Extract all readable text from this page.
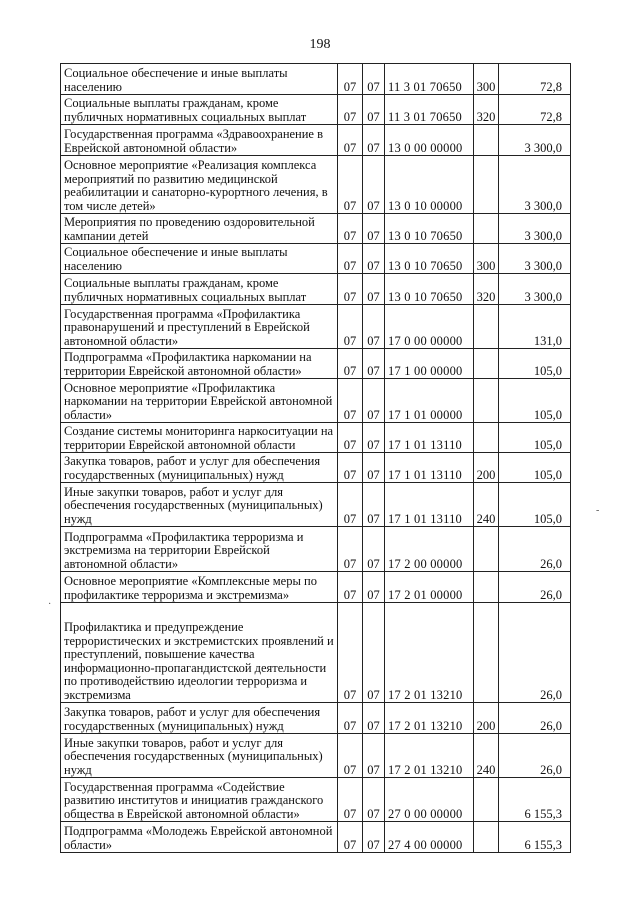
198
Социальное обеспечение и иные выплаты населению	07	07	11 3 01 70650	300	72,8
Социальные выплаты гражданам, кроме публичных нормативных социальных выплат	07	07	11 3 01 70650	320	72,8
Государственная программа «Здравоохранение в Еврейской автономной области»	07	07	13 0 00 00000		3 300,0
Основное мероприятие «Реализация комплекса мероприятий по развитию медицинской реабилитации и санаторно-курортного лечения, в том числе детей»	07	07	13 0 10 00000		3 300,0
Мероприятия по проведению оздоровительной кампании детей	07	07	13 0 10 70650		3 300,0
Социальное обеспечение и иные выплаты населению	07	07	13 0 10 70650	300	3 300,0
Социальные выплаты гражданам, кроме публичных нормативных социальных выплат	07	07	13 0 10 70650	320	3 300,0
Государственная программа «Профилактика правонарушений и преступлений в Еврейской автономной области»	07	07	17 0 00 00000		131,0
Подпрограмма «Профилактика наркомании на территории Еврейской автономной области»	07	07	17 1 00 00000		105,0
Основное мероприятие «Профилактика наркомании на территории Еврейской автономной области»	07	07	17 1 01 00000		105,0
Создание системы мониторинга наркоситуации на территории Еврейской автономной области	07	07	17 1 01 13110		105,0
Закупка товаров, работ и услуг для обеспечения государственных (муниципальных) нужд	07	07	17 1 01 13110	200	105,0
Иные закупки товаров, работ и услуг для обеспечения государственных (муниципальных) нужд	07	07	17 1 01 13110	240	105,0
Подпрограмма «Профилактика терроризма и экстремизма на территории Еврейской автономной области»	07	07	17 2 00 00000		26,0
Основное мероприятие «Комплексные меры по профилактике терроризма и экстремизма»	07	07	17 2 01 00000		26,0
Профилактика и предупреждение террористических и экстремистских проявлений и преступлений, повышение качества информационно-пропагандистской деятельности по противодействию идеологии терроризма и экстремизма	07	07	17 2 01 13210		26,0
Закупка товаров, работ и услуг для обеспечения государственных (муниципальных) нужд	07	07	17 2 01 13210	200	26,0
Иные закупки товаров, работ и услуг для обеспечения государственных (муниципальных) нужд	07	07	17 2 01 13210	240	26,0
Государственная программа «Содействие развитию институтов и инициатив гражданского общества в Еврейской автономной области»	07	07	27 0 00 00000		6 155,3
Подпрограмма «Молодежь Еврейской автономной области»	07	07	27 4 00 00000		6 155,3
-
·
